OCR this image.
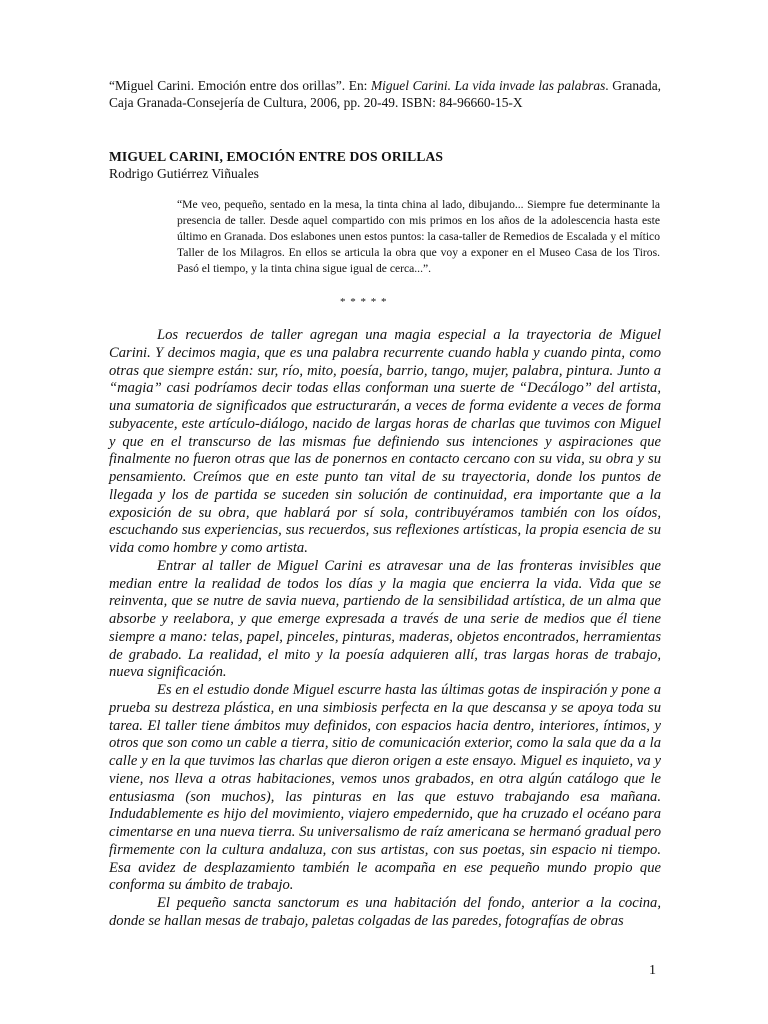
“Miguel Carini. Emoción entre dos orillas”. En: Miguel Carini. La vida invade las palabras. Granada, Caja Granada-Consejería de Cultura, 2006, pp. 20-49. ISBN: 84-96660-15-X
MIGUEL CARINI, EMOCIÓN ENTRE DOS ORILLAS
Rodrigo Gutiérrez Viñuales
“Me veo, pequeño, sentado en la mesa, la tinta china al lado, dibujando... Siempre fue determinante la presencia de taller. Desde aquel compartido con mis primos en los años de la adolescencia hasta este último en Granada. Dos eslabones unen estos puntos: la casa-taller de Remedios de Escalada y el mítico Taller de los Milagros. En ellos se articula la obra que voy a exponer en el Museo Casa de los Tiros. Pasó el tiempo, y la tinta china sigue igual de cerca...”.
* * * * *

Los recuerdos de taller agregan una magia especial a la trayectoria de Miguel Carini. Y decimos magia, que es una palabra recurrente cuando habla y cuando pinta, como otras que siempre están: sur, río, mito, poesía, barrio, tango, mujer, palabra, pintura. Junto a “magia” casi podríamos decir todas ellas conforman una suerte de “Decálogo” del artista, una sumatoria de significados que estructurarán, a veces de forma evidente a veces de forma subyacente, este artículo-diálogo, nacido de largas horas de charlas que tuvimos con Miguel y que en el transcurso de las mismas fue definiendo sus intenciones y aspiraciones que finalmente no fueron otras que las de ponernos en contacto cercano con su vida, su obra y su pensamiento. Creímos que en este punto tan vital de su trayectoria, donde los puntos de llegada y los de partida se suceden sin solución de continuidad, era importante que a la exposición de su obra, que hablará por sí sola, contribuyéramos también con los oídos, escuchando sus experiencias, sus recuerdos, sus reflexiones artísticas, la propia esencia de su vida como hombre y como artista.

Entrar al taller de Miguel Carini es atravesar una de las fronteras invisibles que median entre la realidad de todos los días y la magia que encierra la vida. Vida que se reinventa, que se nutre de savia nueva, partiendo de la sensibilidad artística, de un alma que absorbe y reelabora, y que emerge expresada a través de una serie de medios que él tiene siempre a mano: telas, papel, pinceles, pinturas, maderas, objetos encontrados, herramientas de grabado. La realidad, el mito y la poesía adquieren allí, tras largas horas de trabajo, nueva significación.

Es en el estudio donde Miguel escurre hasta las últimas gotas de inspiración y pone a prueba su destreza plástica, en una simbiosis perfecta en la que descansa y se apoya toda su tarea. El taller tiene ámbitos muy definidos, con espacios hacia dentro, interiores, íntimos, y otros que son como un cable a tierra, sitio de comunicación exterior, como la sala que da a la calle y en la que tuvimos las charlas que dieron origen a este ensayo. Miguel es inquieto, va y viene, nos lleva a otras habitaciones, vemos unos grabados, en otra algún catálogo que le entusiasma (son muchos), las pinturas en las que estuvo trabajando esa mañana. Indudablemente es hijo del movimiento, viajero empedernido, que ha cruzado el océano para cimentarse en una nueva tierra. Su universalismo de raíz americana se hermanó gradual pero firmemente con la cultura andaluza, con sus artistas, con sus poetas, sin espacio ni tiempo. Esa avidez de desplazamiento también le acompaña en ese pequeño mundo propio que conforma su ámbito de trabajo.

El pequeño sancta sanctorum es una habitación del fondo, anterior a la cocina, donde se hallan mesas de trabajo, paletas colgadas de las paredes, fotografías de obras

1
